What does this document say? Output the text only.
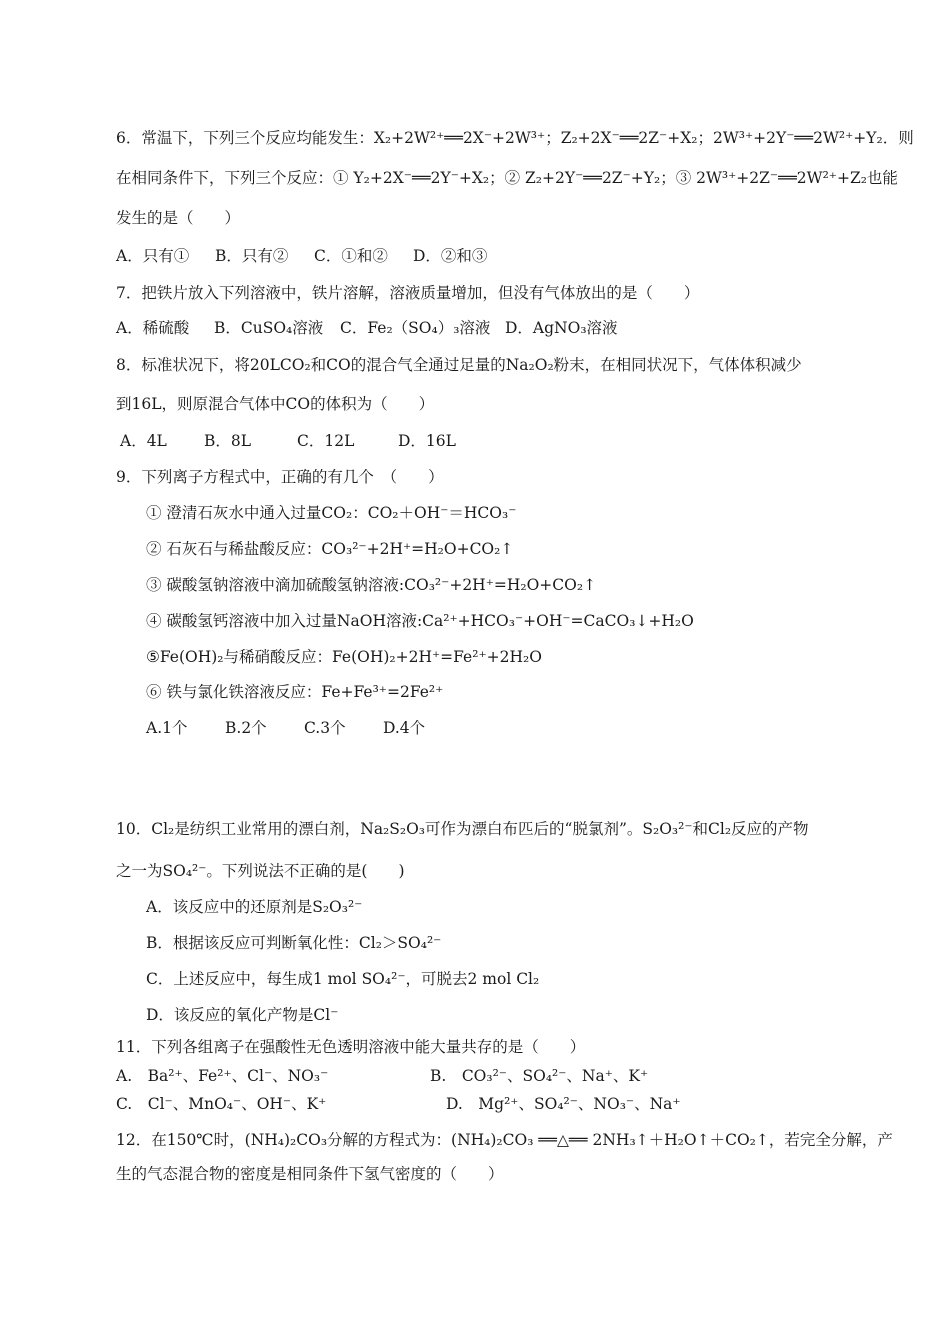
6．常温下，下列三个反应均能发生：X₂+2W²⁺══2X⁻+2W³⁺；Z₂+2X⁻══2Z⁻+X₂；2W³⁺+2Y⁻══2W²⁺+Y₂．则
在相同条件下，下列三个反应：① Y₂+2X⁻══2Y⁻+X₂；② Z₂+2Y⁻══2Z⁻+Y₂；③ 2W³⁺+2Z⁻══2W²⁺+Z₂也能
发生的是（　　）
A．只有① B．只有② C．①和② D．②和③
7．把铁片放入下列溶液中，铁片溶解，溶液质量增加，但没有气体放出的是（　　）
A．稀硫酸 B．CuSO₄溶液 C．Fe₂（SO₄）₃溶液 D．AgNO₃溶液
8．标准状况下，将20LCO₂和CO的混合气全通过足量的Na₂O₂粉末，在相同状况下，气体体积减少
到16L，则原混合气体中CO的体积为（　　）
A．4L B．8L	C．12L	D．16L
9．下列离子方程式中，正确的有几个　（　　）
① 澄清石灰水中通入过量CO₂：CO₂＋OH⁻＝HCO₃⁻
② 石灰石与稀盐酸反应：CO₃²⁻+2H⁺=H₂O+CO₂↑
③ 碳酸氢钠溶液中滴加硫酸氢钠溶液:CO₃²⁻+2H⁺=H₂O+CO₂↑
④ 碳酸氢钙溶液中加入过量NaOH溶液:Ca²⁺+HCO₃⁻+OH⁻=CaCO₃↓+H₂O
⑤Fe(OH)₂与稀硝酸反应：Fe(OH)₂+2H⁺=Fe²⁺+2H₂O
⑥ 铁与氯化铁溶液反应：Fe+Fe³⁺=2Fe²⁺
A.1个 B.2个 C.3个 D.4个
10．Cl₂是纺织工业常用的漂白剂，Na₂S₂O₃可作为漂白布匹后的“脱氯剂”。S₂O₃²⁻和Cl₂反应的产物
之一为SO₄²⁻。下列说法不正确的是(　　)
A．该反应中的还原剂是S₂O₃²⁻
B．根据该反应可判断氧化性：Cl₂＞SO₄²⁻
C．上述反应中，每生成1 mol SO₄²⁻，可脱去2 mol Cl₂
D．该反应的氧化产物是Cl⁻
11．下列各组离子在强酸性无色透明溶液中能大量共存的是（　　）
A.　Ba²⁺、Fe²⁺、Cl⁻、NO₃⁻	B.　CO₃²⁻、SO₄²⁻、Na⁺、K⁺
C.　Cl⁻、MnO₄⁻、OH⁻、K⁺	D.　Mg²⁺、SO₄²⁻、NO₃⁻、Na⁺
12．在150℃时，(NH₄)₂CO₃分解的方程式为：(NH₄)₂CO₃ ══△══ 2NH₃↑＋H₂O↑＋CO₂↑，若完全分解，产
生的气态混合物的密度是相同条件下氢气密度的（　　）
